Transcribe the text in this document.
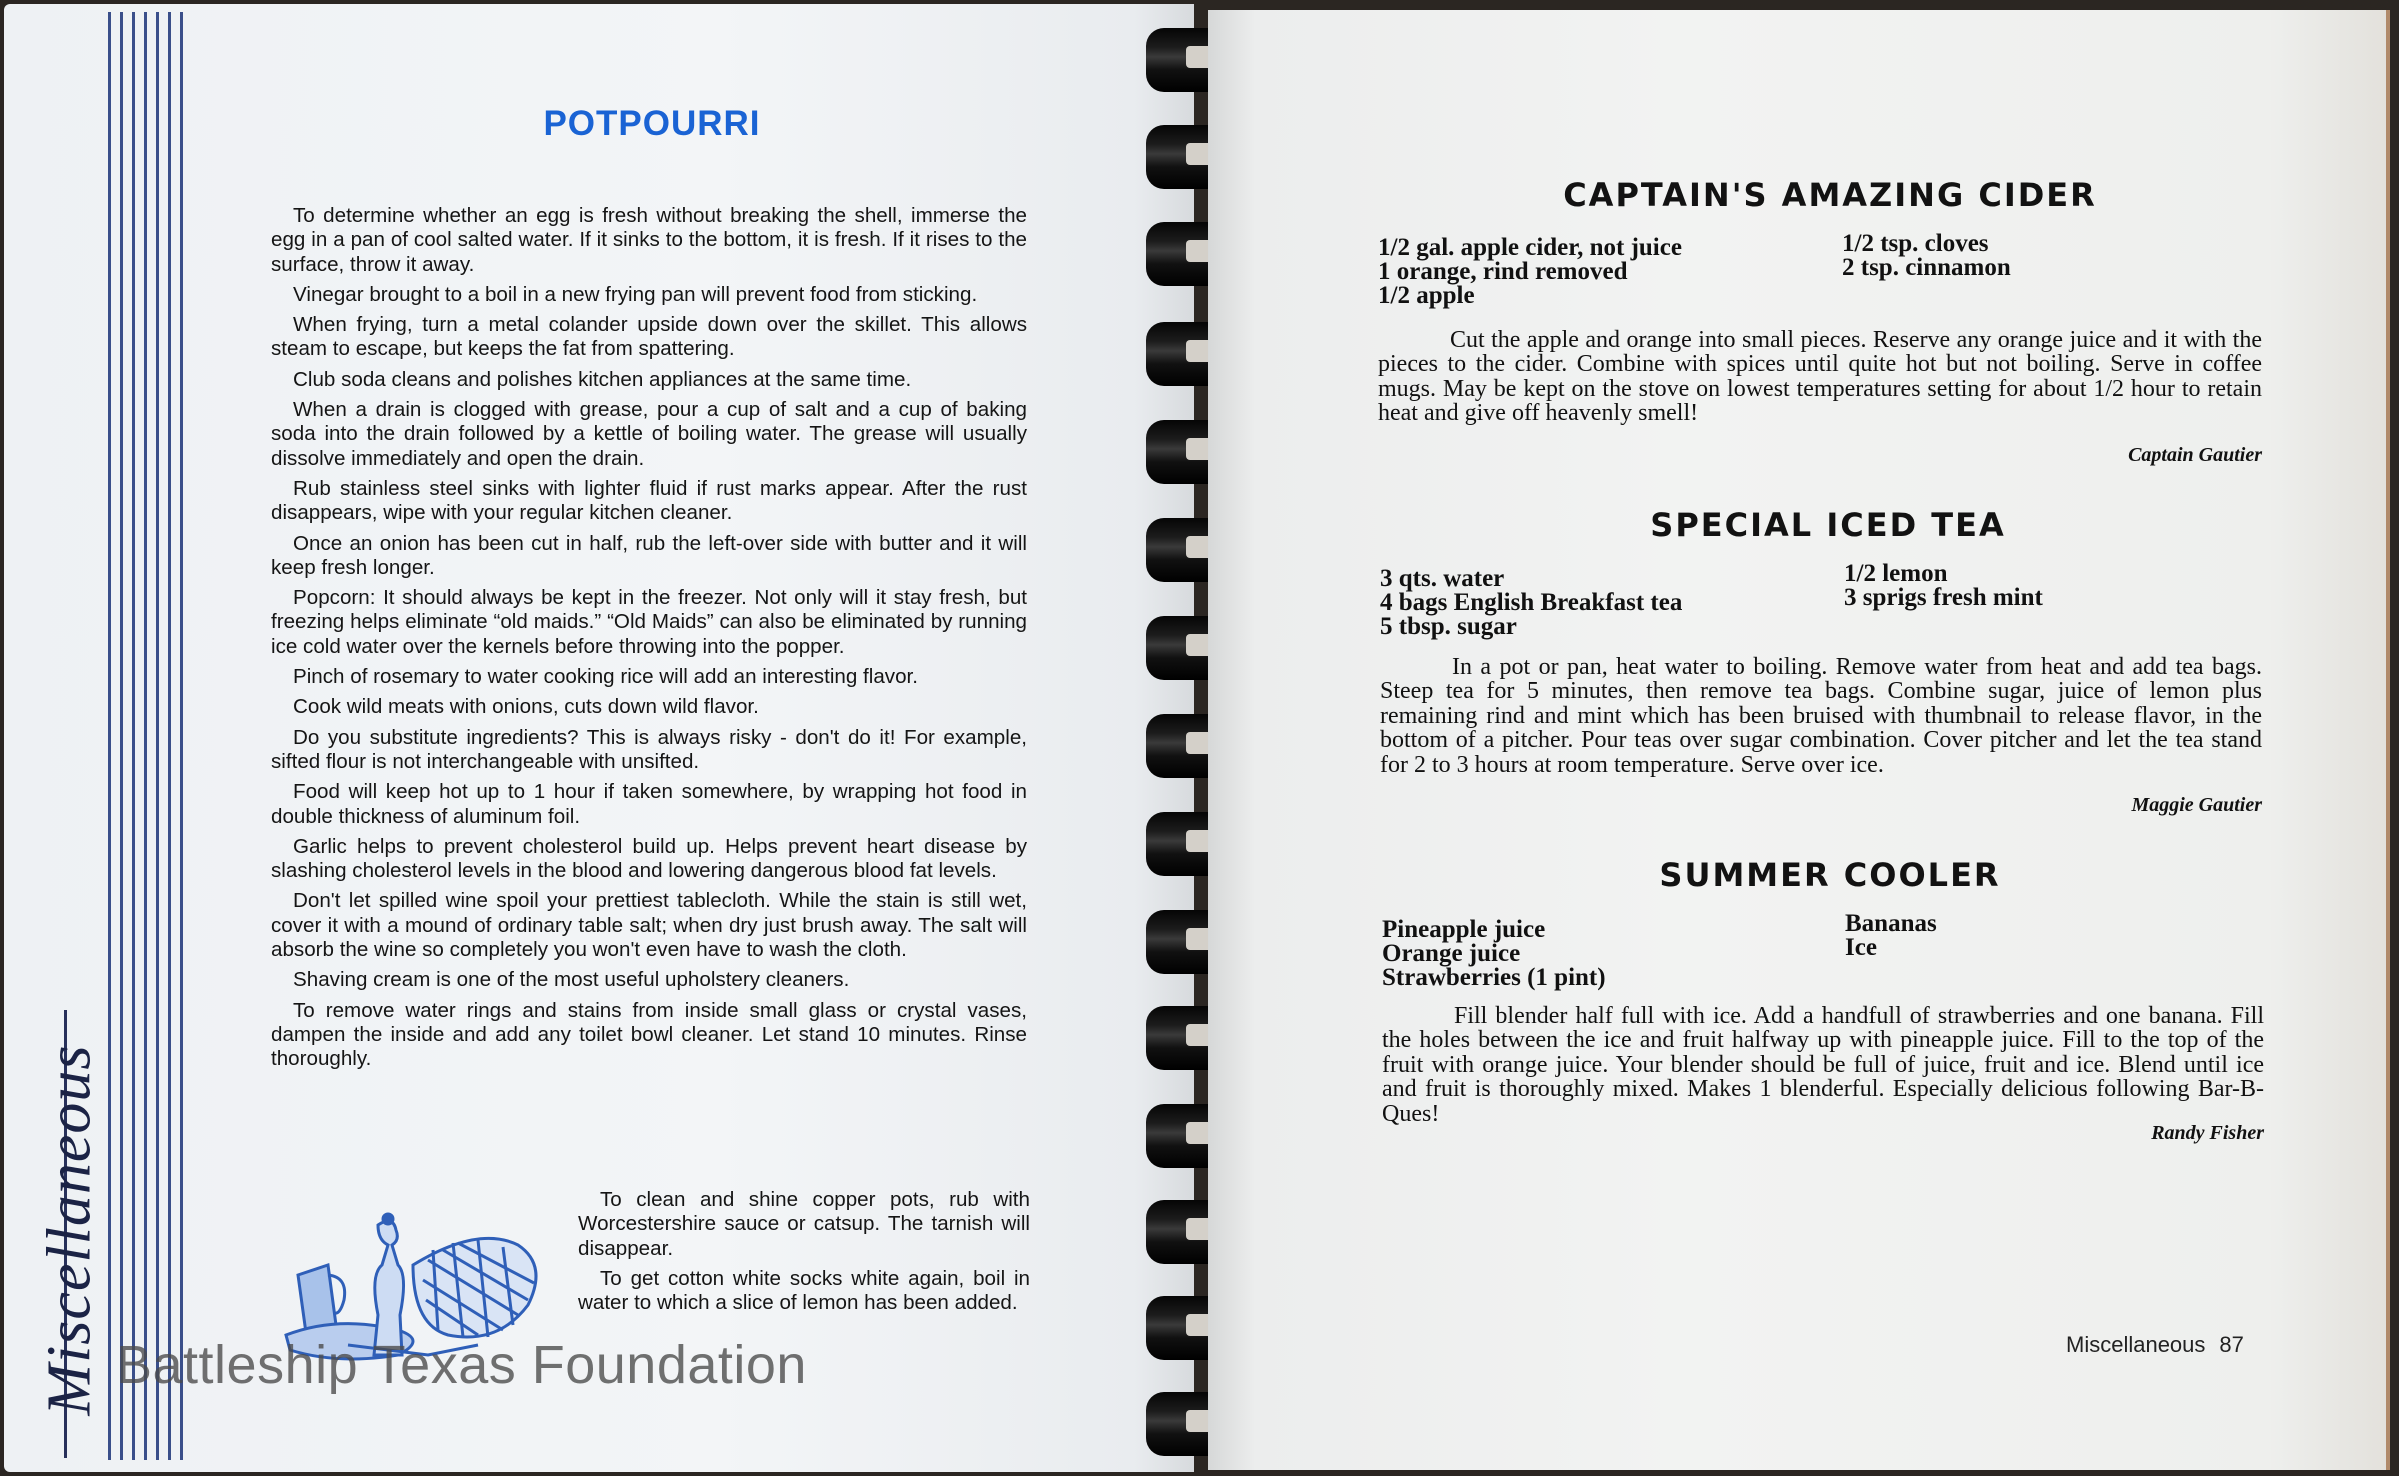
Miscellaneous
POTPOURRI

To determine whether an egg is fresh without breaking the shell, immerse the egg in a pan of cool salted water. If it sinks to the bottom, it is fresh. If it rises to the surface, throw it away.

Vinegar brought to a boil in a new frying pan will prevent food from sticking.

When frying, turn a metal colander upside down over the skillet. This allows steam to escape, but keeps the fat from spattering.

Club soda cleans and polishes kitchen appliances at the same time.

When a drain is clogged with grease, pour a cup of salt and a cup of baking soda into the drain followed by a kettle of boiling water. The grease will usually dissolve immediately and open the drain.

Rub stainless steel sinks with lighter fluid if rust marks appear. After the rust disappears, wipe with your regular kitchen cleaner.

Once an onion has been cut in half, rub the left-over side with butter and it will keep fresh longer.

Popcorn: It should always be kept in the freezer. Not only will it stay fresh, but freezing helps eliminate “old maids.” “Old Maids” can also be eliminated by running ice cold water over the kernels before throwing into the popper.

Pinch of rosemary to water cooking rice will add an interesting flavor.

Cook wild meats with onions, cuts down wild flavor.

Do you substitute ingredients? This is always risky - don't do it! For example, sifted flour is not interchangeable with unsifted.

Food will keep hot up to 1 hour if taken somewhere, by wrapping hot food in double thickness of aluminum foil.

Garlic helps to prevent cholesterol build up. Helps prevent heart disease by slashing cholesterol levels in the blood and lowering dangerous blood fat levels.

Don't let spilled wine spoil your prettiest tablecloth. While the stain is still wet, cover it with a mound of ordinary table salt; when dry just brush away. The salt will absorb the wine so completely you won't even have to wash the cloth.

Shaving cream is one of the most useful upholstery cleaners.

To remove water rings and stains from inside small glass or crystal vases, dampen the inside and add any toilet bowl cleaner. Let stand 10 minutes. Rinse thoroughly.

To clean and shine copper pots, rub with Worcestershire sauce or catsup. The tarnish will disappear.

To get cotton white socks white again, boil in water to which a slice of lemon has been added.

Battleship Texas Foundation
CAPTAIN'S AMAZING CIDER
1/2 gal. apple cider, not juice
1 orange, rind removed
1/2 apple
1/2 tsp. cloves
2 tsp. cinnamon

Cut the apple and orange into small pieces. Reserve any orange juice and it with the pieces to the cider. Combine with spices until quite hot but not boiling. Serve in coffee mugs. May be kept on the stove on lowest temperatures setting for about 1/2 hour to retain heat and give off heavenly smell!

Captain Gautier
SPECIAL ICED TEA
3 qts. water
4 bags English Breakfast tea
5 tbsp. sugar
1/2 lemon
3 sprigs fresh mint

In a pot or pan, heat water to boiling. Remove water from heat and add tea bags. Steep tea for 5 minutes, then remove tea bags. Combine sugar, juice of lemon plus remaining rind and mint which has been bruised with thumbnail to release flavor, in the bottom of a pitcher. Pour teas over sugar combination. Cover pitcher and let the tea stand for 2 to 3 hours at room temperature. Serve over ice.

Maggie Gautier
SUMMER COOLER
Pineapple juice
Orange juice
Strawberries (1 pint)
Bananas
Ice

Fill blender half full with ice. Add a handfull of strawberries and one banana. Fill the holes between the ice and fruit halfway up with pineapple juice. Fill to the top of the fruit with orange juice. Your blender should be full of juice, fruit and ice. Blend until ice and fruit is thoroughly mixed. Makes 1 blenderful. Especially delicious following Bar-B-Ques!

Randy Fisher
Miscellaneous 87
